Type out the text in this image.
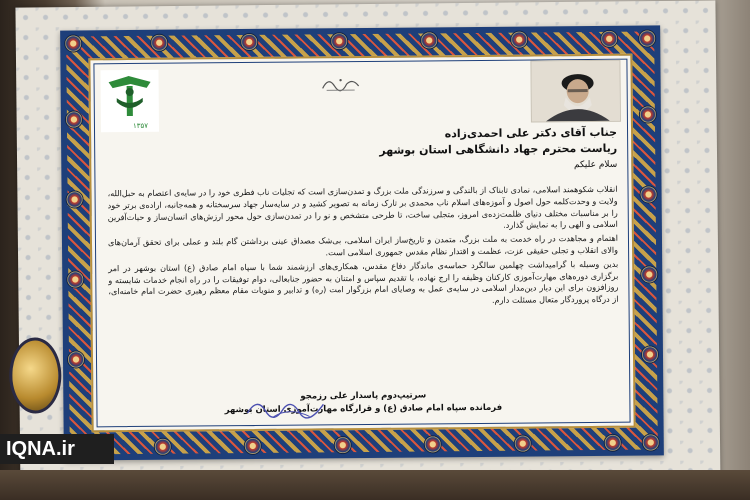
۱۳۵۷	جناب آقای دکتر علی احمدی‌زاده
ریاست محترم جهاد دانشگاهی استان بوشهر
سلام علیکم

انقلاب شکوهمند اسلامی، نمادی تابناک از بالندگی و سرزندگی ملت بزرگ و تمدن‌سازی است که تجلیات ناب فطری خود را در سایه‌ی اعتصام به حبل‌الله، ولایت و وحدت‌کلمه حول اصول و آموزه‌های اسلام ناب محمدی بر تارک زمانه به تصویر کشید و در سایه‌سار جهاد سرسختانه و همه‌جانبه، اراده‌ی برتر خود را بر مناسبات مختلف دنیای ظلمت‌زده‌ی امروز، متجلی ساخت، تا طرحی متشخص و نو را در تمدن‌سازی حول محور ارزش‌های انسان‌ساز و حیات‌آفرین اسلامی و الهی را به نمایش گذارد.

اهتمام و مجاهدت در راه خدمت به ملت بزرگ، متمدن و تاریخ‌ساز ایران اسلامی، بی‌شک مصداق عینی برداشتن گام بلند و عملی برای تحقق آرمان‌های والای انقلاب و تجلی حقیقی عزت، عظمت و اقتدار نظام مقدس جمهوری اسلامی است.

بدین وسیله با گرامیداشت چهلمین سالگرد حماسه‌ی ماندگار دفاع مقدس، همکاری‌های ارزشمند شما با سپاه امام صادق (ع) استان بوشهر در امر برگزاری دوره‌های مهارت‌آموزی کارکنان وظیفه را ارج نهاده، با تقدیم سپاس و امتنان به حضور جنابعالی، دوام توفیقات را در راه انجام خدمات شایسته و روزافزون برای این دیار دین‌مدار اسلامی در سایه‌ی عمل به وصایای امام بزرگوار امت (ره) و تدابیر و منویات مقام معظم رهبری حضرت امام خامنه‌ای، از درگاه پروردگار متعال مسئلت دارم.

سرتیپ‌دوم پاسدار علی رزمجو
فرمانده سپاه امام صادق (ع) و قرارگاه مهارت‌آموزی استان بوشهر
IQNA.ir
